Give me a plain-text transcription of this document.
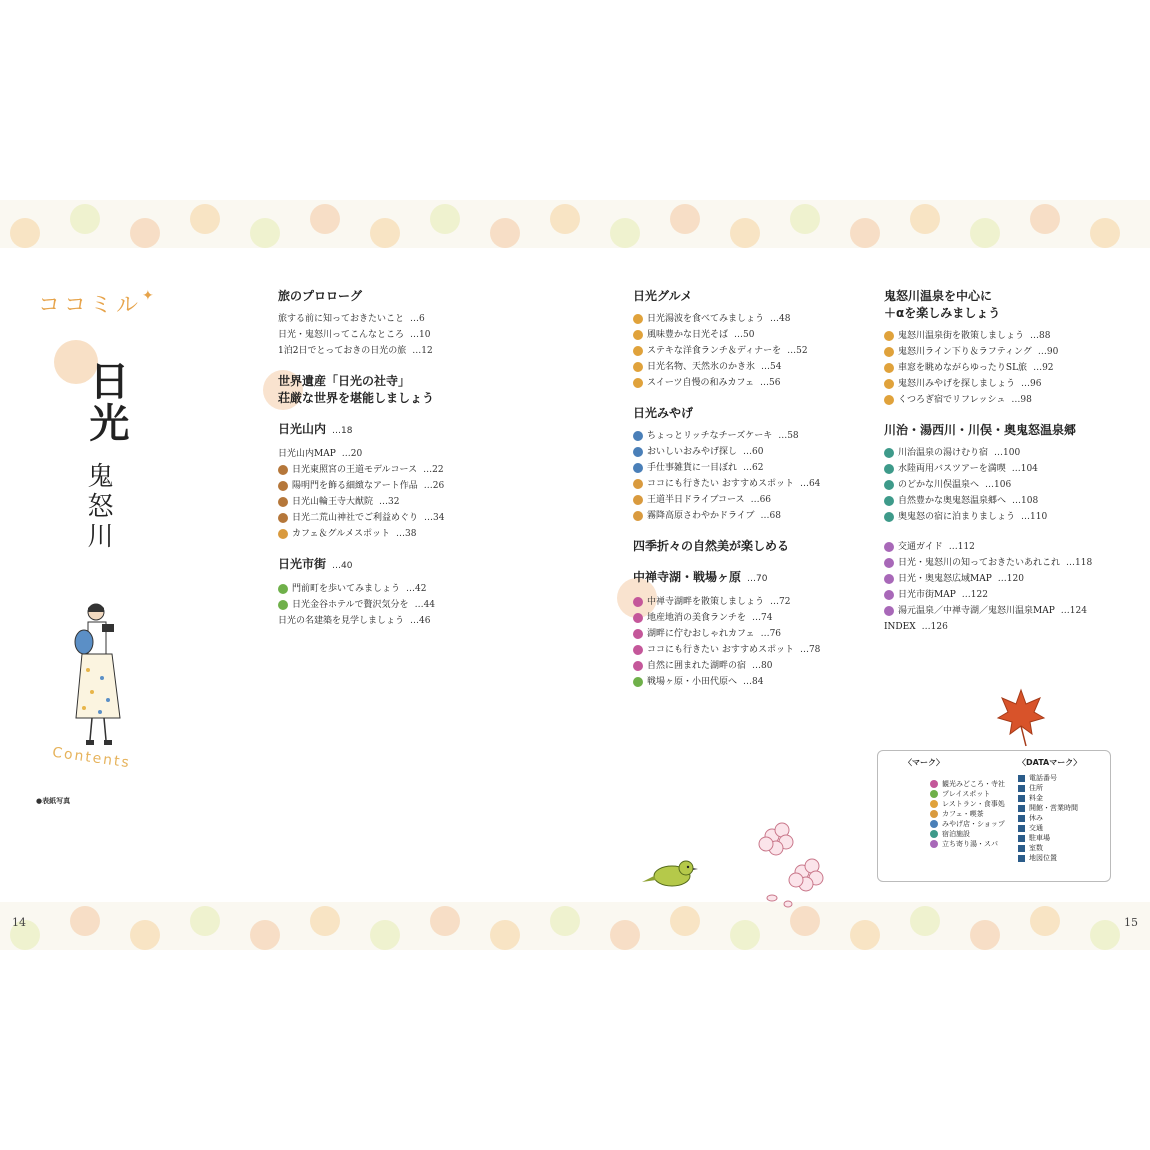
ココミル✦
日光
鬼怒川
Contents
●表紙写真
14
旅のプロローグ
旅する前に知っておきたいこと …6
日光・鬼怒川ってこんなところ …10
1泊2日でとっておきの日光の旅 …12
世界遺産「日光の社寺」
荘厳な世界を堪能しましょう
日光山内 …18
日光山内MAP …20
日光東照宮の王道モデルコース …22
陽明門を飾る細緻なアート作品 …26
日光山輪王寺大猷院 …32
日光二荒山神社でご利益めぐり …34
カフェ＆グルメスポット …38
日光市街 …40
門前町を歩いてみましょう …42
日光金谷ホテルで贅沢気分を …44
日光の名建築を見学しましょう …46
日光グルメ
日光湯波を食べてみましょう …48
風味豊かな日光そば …50
ステキな洋食ランチ＆ディナーを …52
日光名物、天然氷のかき氷 …54
スイーツ自慢の和みカフェ …56
日光みやげ
ちょっとリッチなチーズケーキ …58
おいしいおみやげ探し …60
手仕事雑貨に一目ぼれ …62
ココにも行きたい おすすめスポット …64
王道半日ドライブコース …66
霧降高原さわやかドライブ …68
四季折々の自然美が楽しめる
中禅寺湖・戦場ヶ原 …70
中禅寺湖畔を散策しましょう …72
地産地消の美食ランチを …74
湖畔に佇むおしゃれカフェ …76
ココにも行きたい おすすめスポット …78
自然に囲まれた湖畔の宿 …80
戦場ヶ原・小田代原へ …84
鬼怒川温泉を中心に
＋αを楽しみましょう
鬼怒川温泉街を散策しましょう …88
鬼怒川ライン下り＆ラフティング …90
車窓を眺めながらゆったりSL旅 …92
鬼怒川みやげを探しましょう …96
くつろぎ宿でリフレッシュ …98
川治・湯西川・川俣・奥鬼怒温泉郷
川治温泉の湯けむり宿 …100
水陸両用バスツアーを満喫 …104
のどかな川俣温泉へ …106
自然豊かな奥鬼怒温泉郷へ …108
奥鬼怒の宿に泊まりましょう …110
交通ガイド …112
日光・鬼怒川の知っておきたいあれこれ …118
日光・奥鬼怒広域MAP …120
日光市街MAP …122
湯元温泉／中禅寺湖／鬼怒川温泉MAP …124
INDEX …126
〈マーク〉	〈DATAマーク〉
観光みどころ・寺社
プレイスポット
レストラン・食事処
カフェ・喫茶
みやげ店・ショップ
宿泊施設
立ち寄り湯・スパ
電話番号
住所
料金
開館・営業時間
休み
交通
駐車場
室数
地図位置
15
